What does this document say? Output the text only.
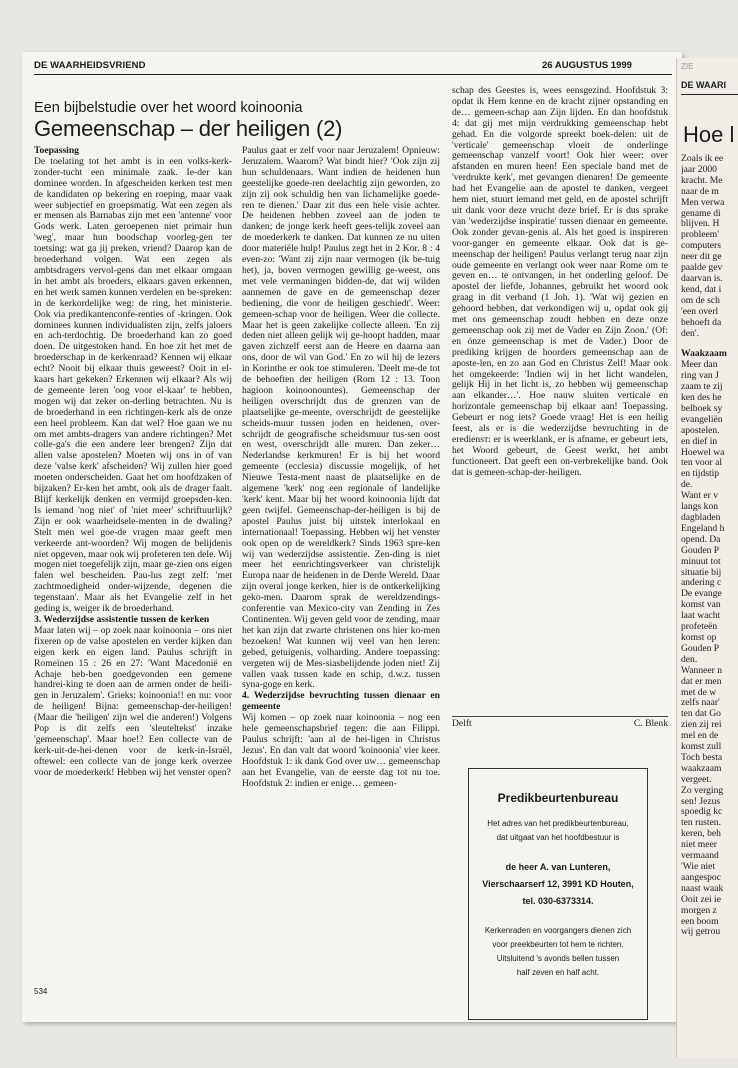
DE WAARHEIDSVRIEND	26 AUGUSTUS 1999
Een bijbelstudie over het woord koinoonia
Gemeenschap – der heiligen (2)

Toepassing

De toelating tot het ambt is in een volks-kerk-zonder-tucht een minimale zaak. Ie-der kan dominee worden. In afgescheiden kerken test men de kandidaten op bekering en roeping, maar vaak weer subjectief en groepsmatig. Wat een zegen als er mensen als Barnabas zijn met een 'antenne' voor Gods werk. Laten geroepenen niet primair hun 'weg', maar hun boodschap voorleg-gen ter toetsing: wat ga jij preken, vriend? Daarop kan de broederhand volgen. Wat een zegen als ambtsdragers vervol-gens dan met elkaar omgaan in het ambt als broeders, elkaars gaven erkennen, en het werk samen kunnen verdelen en be-spreken: in de kerkordelijke weg: de ring, het ministerie. Ook via predikantenconfe-renties of -kringen. Ook dominees kunnen individualisten zijn, zelfs jaloers en ach-terdochtig. De broederhand kan zo goed doen. De uitgestoken hand. En hoe zit het met de broederschap in de kerkenraad? Kennen wij elkaar echt? Nooit bij elkaar thuis geweest? Ooit in el-kaars hart gekeken? Erkennen wij elkaar? Als wij de gemeente leren 'oog voor el-kaar' te hebben, mogen wij dat zeker on-derling betrachten. Nu is de broederhand in een richtingen-kerk als de onze een heel probleem. Kan dat wel? Hoe gaan we nu om met ambts-dragers van andere richtingen? Met colle-ga's die een andere leer brengen? Zijn dat allen valse apostelen? Moeten wij ons in of van deze 'valse kerk' afscheiden? Wij zullen hier goed moeten onderscheiden. Gaat het om hoofdzaken of bijzaken? Er-ken het ambt, ook als de drager faalt. Blijf kerkelijk denken en vermijd groepsden-ken. Is iemand 'nog niet' of 'niet meer' schriftuurlijk? Zijn er ook waarheidsele-menten in de dwaling? Stelt men wel goe-de vragen maar geeft men verkeerde ant-woorden? Wij mogen de belijdenis niet opgeven, maar ook wij profeteren ten dele. Wij mogen niet toegefelijk zijn, maar ge-zien ons eigen falen wel bescheiden. Pau-lus zegt zelf: 'met zachtmoedigheid onder-wijzende, degenen die tegenstaan'. Maar als het Evangelie zelf in het geding is, weiger ik de broederhand.

3. Wederzijdse assistentie tussen de kerken

Maar laten wij – op zoek naar koinoonia – ons niet fixeren op de valse apostelen en verder kijken dan eigen kerk en eigen land. Paulus schrijft in Romeinen 15 : 26 en 27: 'Want Macedonië en Achaje heb-ben goedgevonden een gemene handrei-king te doen aan de armen onder de heili-gen in Jeruzalem'. Grieks: koinoonia!! en nu: voor de heiligen! Bijna: gemeenschap-der-heiligen! (Maar die 'heiligen' zijn wel die anderen!) Volgens Pop is dit zelfs een 'sleuteltekst' inzake 'gemeenschap'. Maar hoe!? Een collecte van de kerk-uit-de-hei-denen voor de kerk-in-Israël, oftewel: een collecte van de jonge kerk overzee voor de moederkerk! Hebben wij het venster open?

Paulus gaat er zelf voor naar Jeruzalem! Opnieuw: Jeruzalem. Waarom? Wat bindt hier? 'Ook zijn zij hun schuldenaars. Want indien de heidenen hun geestelijke goede-ren deelachtig zijn geworden, zo zijn zij ook schuldig hen van lichamelijke goede-ren te dienen.' Daar zit dus een hele visie achter. De heidenen hebben zoveel aan de joden te danken; de jonge kerk heeft gees-telijk zoveel aan de moederkerk te danken. Dat kunnen ze nu uiten door materiële hulp! Paulus zegt het in 2 Kor. 8 : 4 even-zo: 'Want zij zijn naar vermogen (ik be-tuig het), ja, boven vermogen gewillig ge-weest, ons met vele vermaningen bidden-de, dat wij wilden aannemen de gave en de gemeenschap dezer bediening, die voor de heiligen geschiedt'. Weer: gemeen-schap voor de heiligen. Weer die collecte. Maar het is geen zakelijke collecte alleen. 'En zij deden niet alleen gelijk wij ge-hoopt hadden, maar gaven zichzelf eerst aan de Heere en daarna aan ons, door de wil van God.' En zo wil hij de lezers in Korinthe er ook toe stimuleren. 'Deelt me-de tot de behoeften der heiligen (Rom 12 : 13. Toon hagioon koinoonountes). Gemeenschap der heiligen overschrijdt dus de grenzen van de plaatselijke ge-meente, overschrijdt de geestelijke scheids-muur tussen joden en heidenen, over-schrijdt de geografische scheidsmuur tus-sen oost en west, overschrijdt alle muren. Dan zeker… Nederlandse kerkmuren! Er is bij het woord gemeente (ecclesia) discussie mogelijk, of het Nieuwe Testa-ment naast de plaatselijke en de algemene 'kerk' nog een regionale of landelijke 'kerk' kent. Maar bij het woord koinoonia lijdt dat geen twijfel. Gemeenschap-der-heiligen is bij de apostel Paulus juist bij uitstek interlokaal en internationaal! Toepassing. Hebben wij het venster ook open op de wereldkerk? Sinds 1963 spre-ken wij van wederzijdse assistentie. Zen-ding is niet meer het eenrichtingsverkeer van christelijk Europa naar de heidenen in de Derde Wereld. Daar zijn overal jonge kerken, hier is de ontkerkelijking geko-men. Daarom sprak de wereldzendings-conferentie van Mexico-city van Zending in Zes Continenten. Wij geven geld voor de zending, maar het kan zijn dat zwarte christenen ons hier ko-men bezoeken! Wat kunnen wij veel van hen leren: gebed, getuigenis, volharding. Andere toepassing: vergeten wij de Mes-siasbelijdende joden niet! Zij vallen vaak tussen kade en schip, d.w.z. tussen syna-goge en kerk.

4. Wederzijdse bevruchting tussen dienaar en gemeente

Wij komen – op zoek naar koinoonia – nog een hele gemeenschapsbrief tegen: die aan Filippi. Paulus schrijft: 'aan al de hei-ligen in Christus Jezus'. En dan valt dat woord 'koinoonia' vier keer. Hoofdstuk 1: ik dank God over uw… gemeenschap aan het Evangelie, van de eerste dag tot nu toe. Hoofdstuk 2: indien er enige… gemeen-

schap des Geestes is, wees eensgezind. Hoofdstuk 3: opdat ik Hem kenne en de kracht zijner opstanding en de… gemeen-schap aan Zijn lijden. En dan hoofdstuk 4: dat gij met mijn verdrukking gemeenschap hebt gehad. En die volgorde spreekt boek-delen: uit de 'verticale' gemeenschap vloeit de onderlinge gemeenschap vanzelf voort! Ook hier weer: over afstanden en muren heen! Een speciale band met de 'verdrukte kerk', met gevangen dienaren! De gemeente had het Evangelie aan de apostel te danken, vergeet hem niet, stuurt iemand met geld, en de apostel schrijft uit dank voor deze vrucht deze brief. Er is dus sprake van 'wederzijdse inspiratie' tussen dienaar en gemeente. Ook zonder gevan-genis al. Als het goed is inspireren voor-ganger en gemeente elkaar. Ook dat is ge-meenschap der heiligen! Paulus verlangt terug naar zijn oude gemeente en verlangt ook weer naar Rome om te geven en… te ontvangen, in het onderling geloof. De apostel der liefde, Johannes, gebruikt het woord ook graag in dit verband (1 Joh. 1). 'Wat wij gezien en gehoord hebben, dat verkondigen wij u, opdat ook gij met ons gemeenschap zoudt hebben en deze onze gemeenschap ook zij met de Vader en Zijn Zoon.' (Of: en ónze gemeenschap is met de Vader.) Door de prediking krijgen de hoorders gemeenschap aan de apostе-len, en zo aan God en Christus Zelf! Maar ook het omgekeerde: 'Indien wij in het licht wandelen, gelijk Hij in het licht is, zo hebben wij gemeenschap aan elkander…'. Hoe nauw sluiten verticale en horizontale gemeenschap bij elkaar aan! Toepassing. Gebeurt er nog iets? Goede vraag! Het is een heilig feest, als er is die wederzijdse bevruchting in de erediensт: er is weerklank, er is afname, er gebeurt iets, het Woord gebeurt, de Geest werkt, het ambt functioneert. Dat geeft een on-verbrekelijke band. Ook dat is gemeen-schap-der-heiligen.

Delft	C. Blenk
Predikbeurtenbureau
Het adres van het predikbeurtenbureau,
dat uitgaat van het hoofdbestuur is
de heer A. van Lunteren,
Vierschaarserf 12, 3991 KD Houten,
tel. 030-6373314.
Kerkenraden en voorgangers dienen zich
voor preekbeurten tot hem te richten.
Uitsluitend 's avonds bellen tussen
half zeven en half acht.
534
ZIE
DE WAARI
Hoe l
Zoals ik ee
jaar 2000
kracht. Me
naar de m
Men verwa
gename di
blijven. H
probleem'
computers
neer dit ge
paalde gev
daarvan is.
kend, dat i
om de sch
'een overl
behoeft da
den'.
Waakzaam
Meer dan
ring van J
zaam te zij
ken des he
belboek sy
evangeliën
apostelen.
en dief in
Hoewel wa
ten voor al
en tijdstip
de.
Want er v
langs kon
dagbladen
Engeland h
opend. Da
Gouden P
minuut tot
situatie bij
andering c
De evange
komst van
laat wacht
profeteën
komst op
Gouden P
den.
Wanneer n
dat er men
met de w
zelfs naar'
ten dat Go
zien zij rei
mel en de
komst zull
Toch besta
waakzaam
vergeet.
Zo verging
sen! Jezus
spoedig kc
ten rusten.
keren, beh
niet meer
vermaand
'Wie niet
aangespoc
naast waak
Ooit zei ie
morgen z
een boom
wij getrou
